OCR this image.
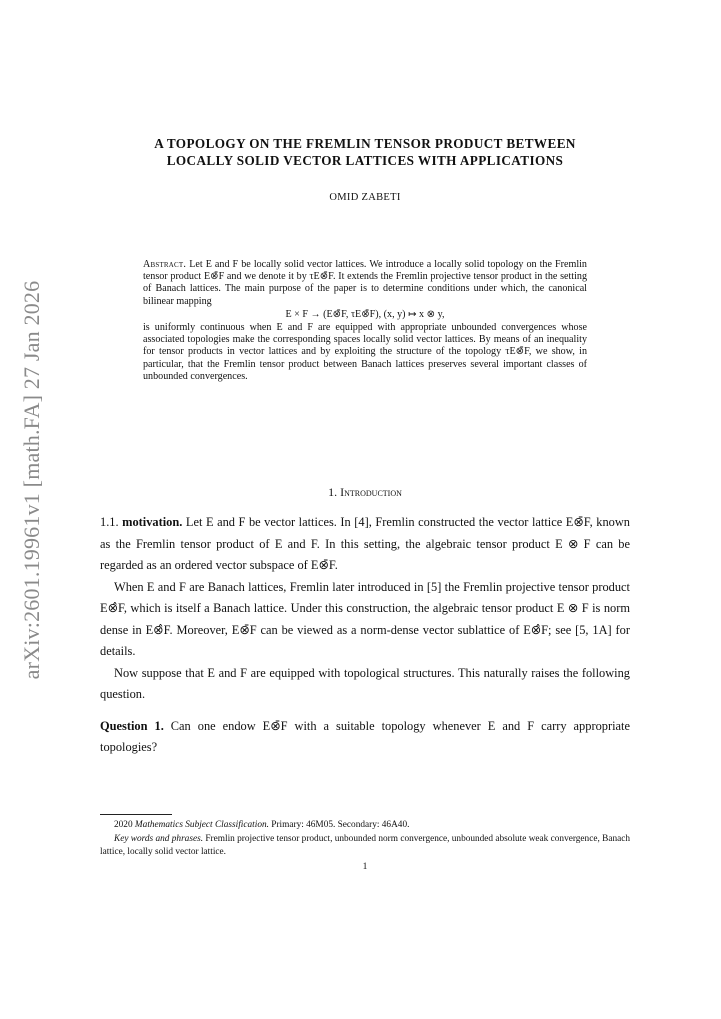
arXiv:2601.19961v1 [math.FA] 27 Jan 2026
A TOPOLOGY ON THE FREMLIN TENSOR PRODUCT BETWEEN
LOCALLY SOLID VECTOR LATTICES WITH APPLICATIONS
OMID ZABETI
Abstract. Let E and F be locally solid vector lattices. We introduce a locally solid topology on the Fremlin tensor product E⊗̄F and we denote it by τE⊗̄F. It extends the Fremlin projective tensor product in the setting of Banach lattices. The main purpose of the paper is to determine conditions under which, the canonical bilinear mapping
E × F → (E⊗̄F, τE⊗̄F), (x, y) ↦ x ⊗ y,
is uniformly continuous when E and F are equipped with appropriate unbounded convergences whose associated topologies make the corresponding spaces locally solid vector lattices. By means of an inequality for tensor products in vector lattices and by exploiting the structure of the topology τE⊗̄F, we show, in particular, that the Fremlin tensor product between Banach lattices preserves several important classes of unbounded convergences.
1. Introduction

1.1. motivation. Let E and F be vector lattices. In [4], Fremlin constructed the vector lattice E⊗̄F, known as the Fremlin tensor product of E and F. In this setting, the algebraic tensor product E ⊗ F can be regarded as an ordered vector subspace of E⊗̄F.

When E and F are Banach lattices, Fremlin later introduced in [5] the Fremlin projective tensor product E⊗̂F, which is itself a Banach lattice. Under this construction, the algebraic tensor product E ⊗ F is norm dense in E⊗̂F. Moreover, E⊗̄F can be viewed as a norm-dense vector sublattice of E⊗̂F; see [5, 1A] for details.

Now suppose that E and F are equipped with topological structures. This naturally raises the following question.

Question 1. Can one endow E⊗̄F with a suitable topology whenever E and F carry appropriate topologies?

2020 Mathematics Subject Classification. Primary: 46M05. Secondary: 46A40.

Key words and phrases. Fremlin projective tensor product, unbounded norm convergence, unbounded absolute weak convergence, Banach lattice, locally solid vector lattice.

1
